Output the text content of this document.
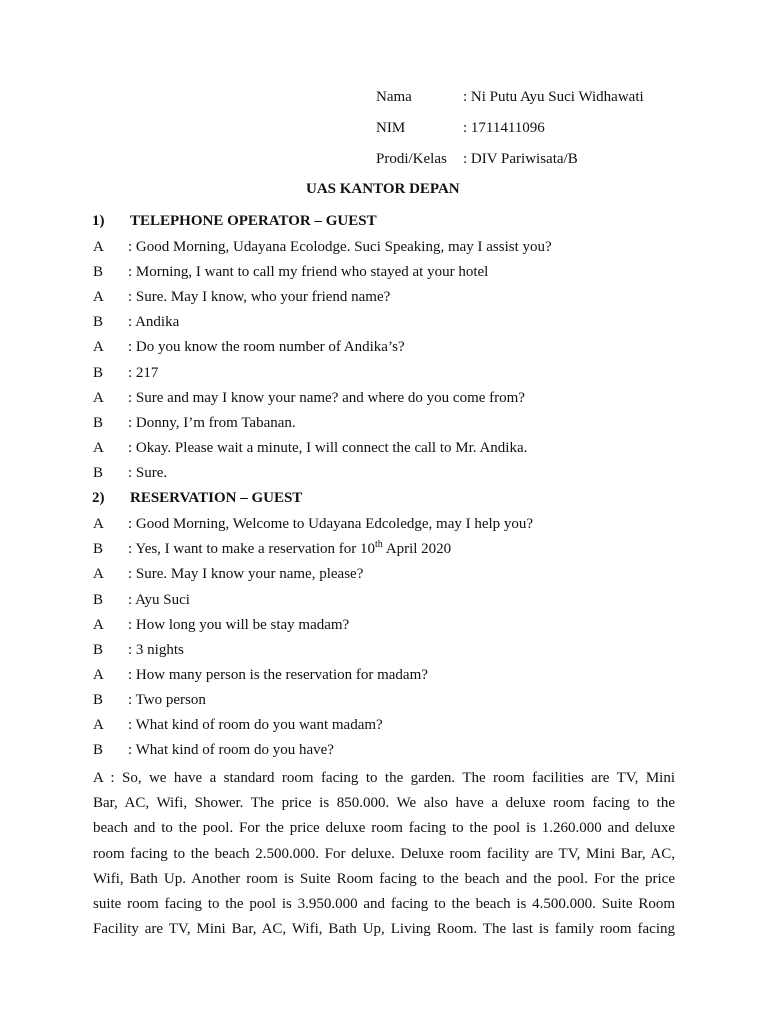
Nama	: Ni Putu Ayu Suci Widhawati
NIM	: 1711411096
Prodi/Kelas : DIV Pariwisata/B
UAS KANTOR DEPAN
1) TELEPHONE OPERATOR – GUEST
A : Good Morning, Udayana Ecolodge. Suci Speaking, may I assist you?
B : Morning, I want to call my friend who stayed at your hotel
A : Sure. May I know, who your friend name?
B : Andika
A : Do you know the room number of Andika’s?
B : 217
A : Sure and may I know your name? and where do you come from?
B : Donny, I’m from Tabanan.
A : Okay. Please wait a minute, I will connect the call to Mr. Andika.
B : Sure.
2) RESERVATION – GUEST
A : Good Morning, Welcome to Udayana Edcoledge, may I help you?
B : Yes, I want to make a reservation for 10th April 2020
A : Sure. May I know your name, please?
B : Ayu Suci
A : How long you will be stay madam?
B : 3 nights
A : How many person is the reservation for madam?
B : Two person
A : What kind of room do you want madam?
B : What kind of room do you have?
A : So, we have a standard room facing to the garden. The room facilities are TV, Mini
Bar, AC, Wifi, Shower. The price is 850.000. We also have a deluxe room facing to the
beach and to the pool. For the price deluxe room facing to the pool is 1.260.000 and deluxe
room facing to the beach 2.500.000. For deluxe. Deluxe room facility are TV, Mini Bar, AC,
Wifi, Bath Up. Another room is Suite Room facing to the beach and the pool. For the price
suite room facing to the pool is 3.950.000 and facing to the beach is 4.500.000. Suite Room
Facility are TV, Mini Bar, AC, Wifi, Bath Up, Living Room. The last is family room facing
